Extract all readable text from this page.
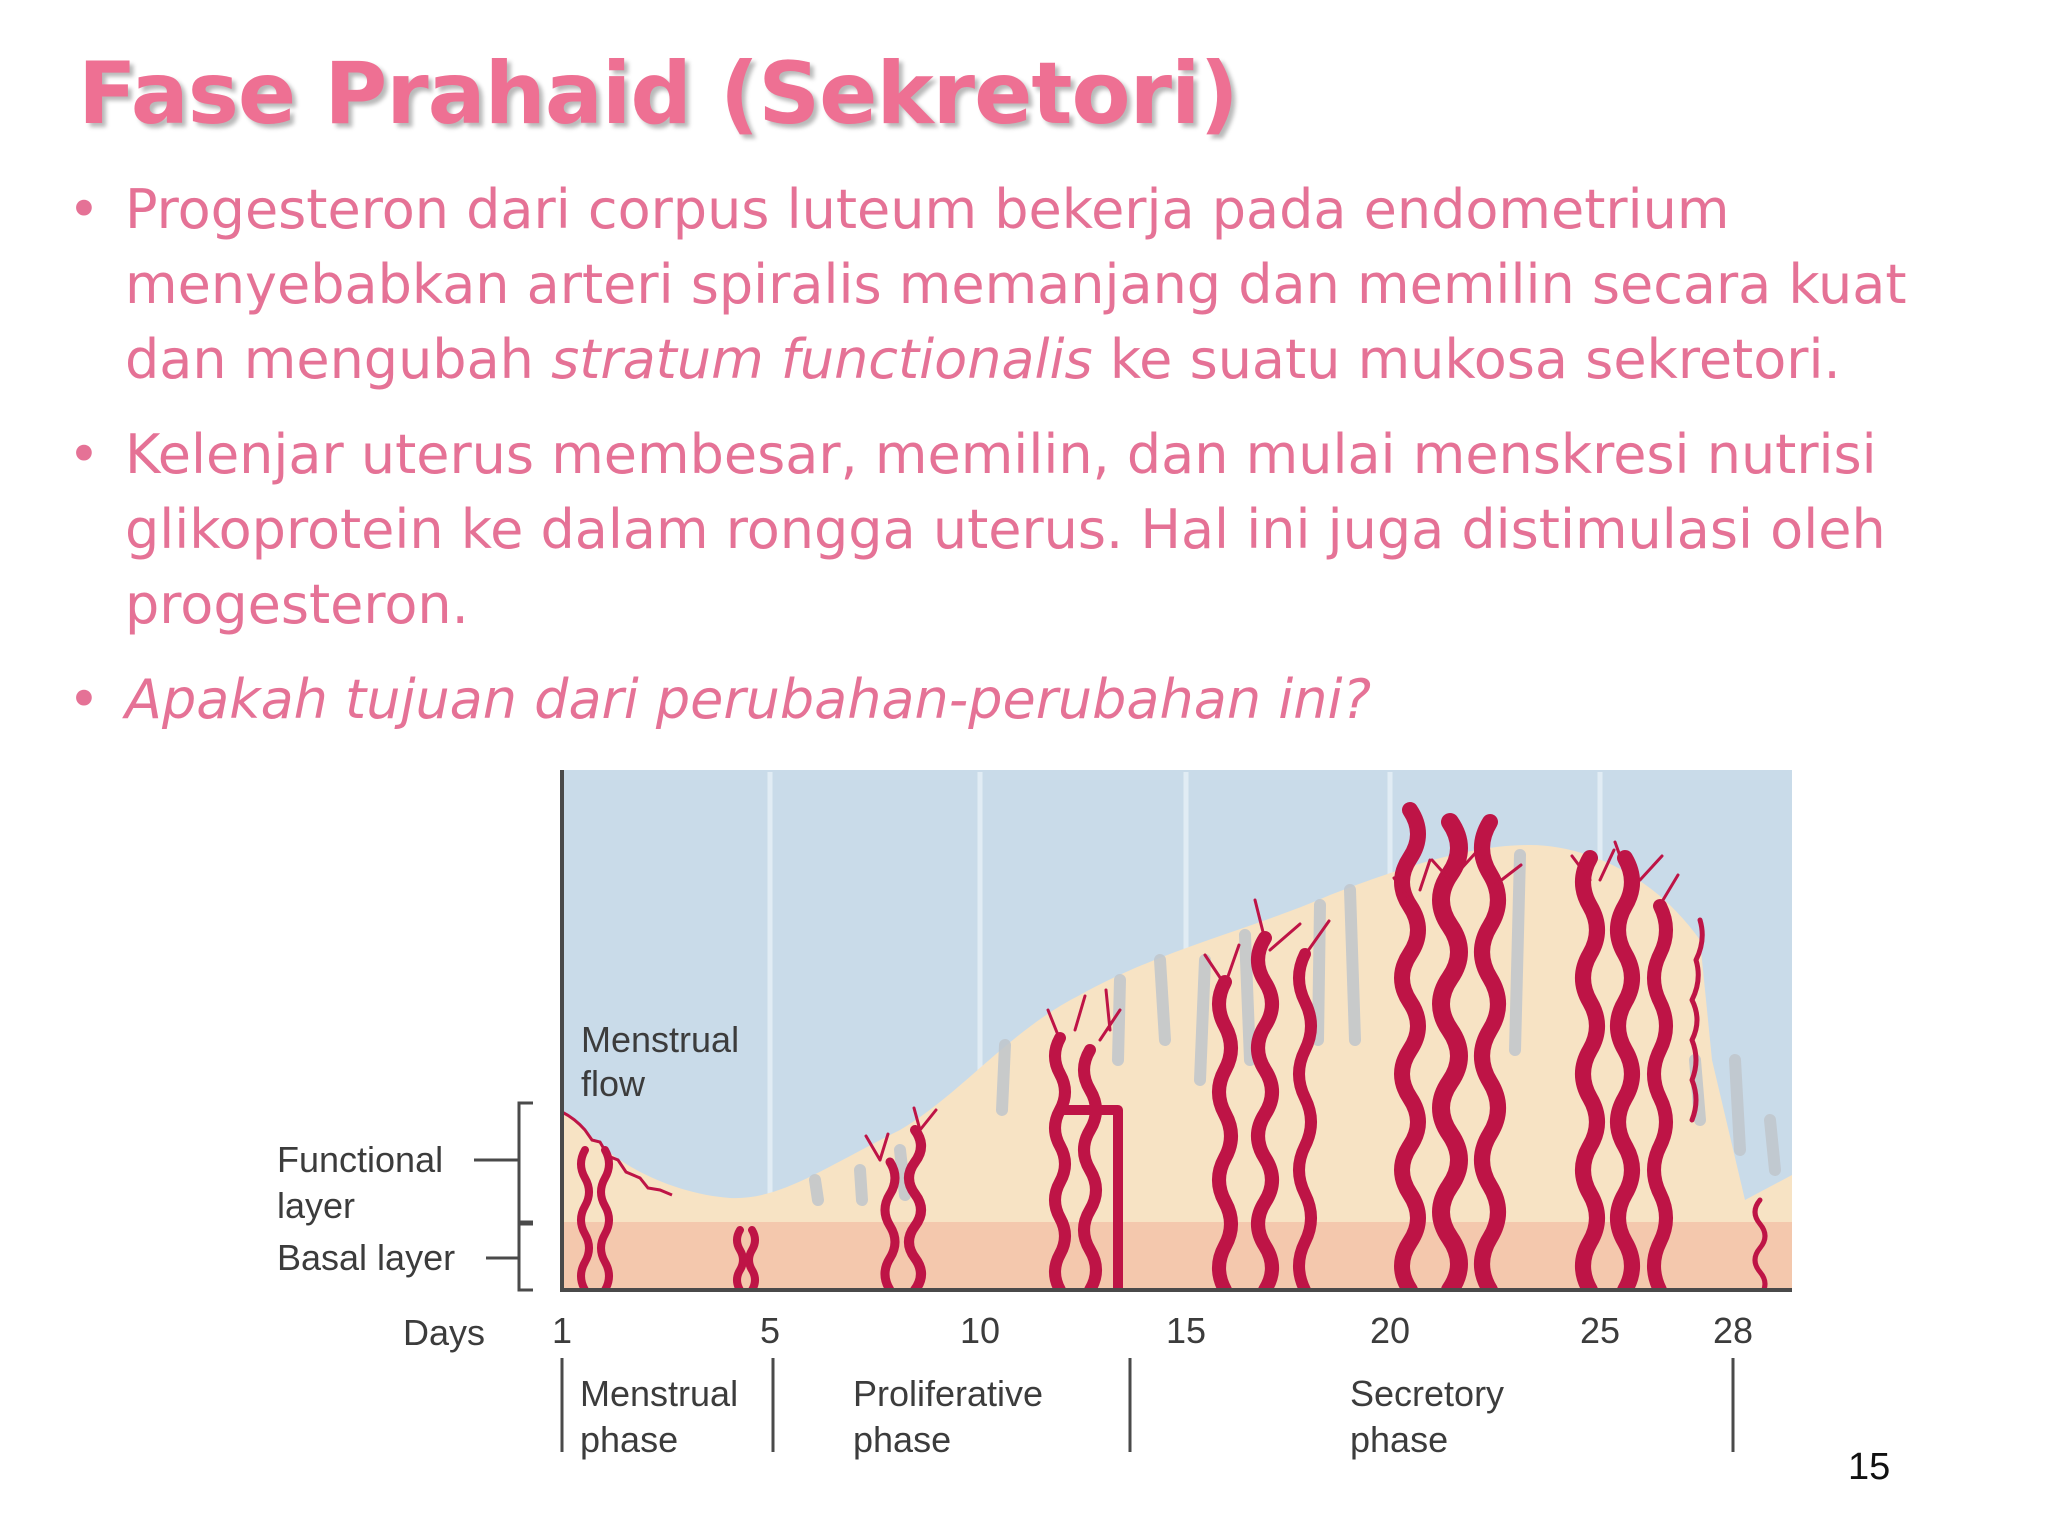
Fase Prahaid (Sekretori)
• Progesteron dari corpus luteum bekerja pada endometrium menyebabkan arteri spiralis memanjang dan memilin secara kuat dan mengubah stratum functionalis ke suatu mukosa sekretori.
• Kelenjar uterus membesar, memilin, dan mulai menskresi nutrisi glikoprotein ke dalam rongga uterus. Hal ini juga distimulasi oleh progesteron.
• Apakah tujuan dari perubahan-perubahan ini?
Menstrual
flow
Functional
layer
Basal layer
Days 1	5	10	15	20	25	28
Menstrual
phase
Proliferative
phase
Secretory
phase
15
